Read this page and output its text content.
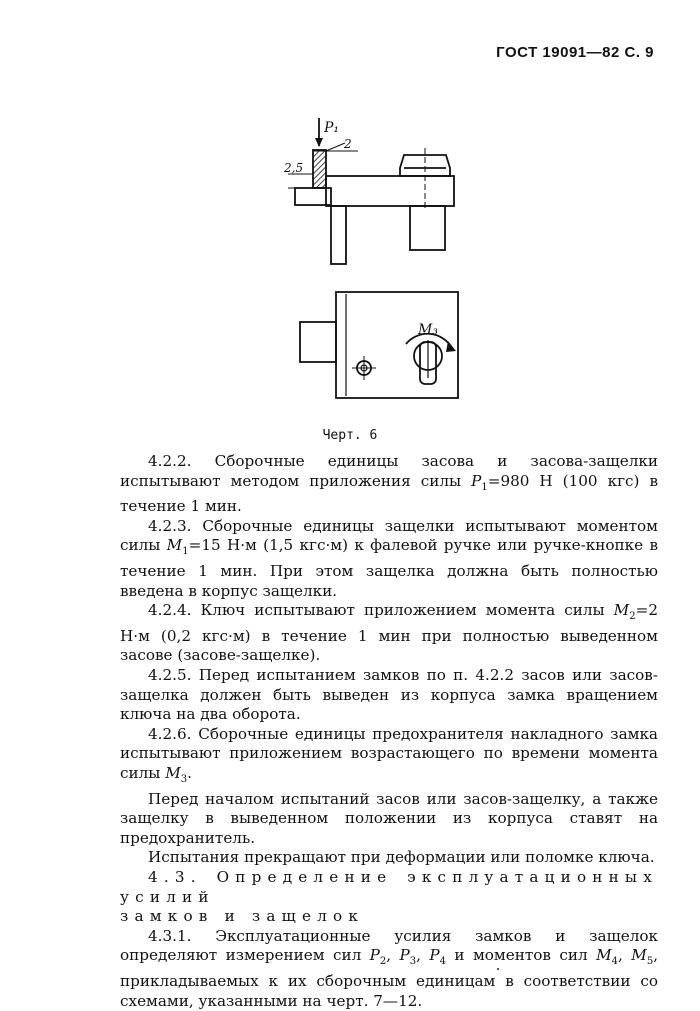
ГОСТ 19091—82 С. 9
P₁
2
2,5
M₃
Черт. 6

4.2.2. Сборочные единицы засова и засова-защелки испытывают методом приложения силы $P_1=980$ Н (100 кгс) в течение 1 мин.

4.2.3. Сборочные единицы защелки испытывают моментом силы $M_1=15$ Н·м (1,5 кгс·м) к фалевой ручке или ручке-кнопке в течение 1 мин. При этом защелка должна быть полностью введена в корпус защелки.

4.2.4. Ключ испытывают приложением момента силы $M_2=2$ Н·м (0,2 кгс·м) в течение 1 мин при полностью выведенном засове (засове-защелке).

4.2.5. Перед испытанием замков по п. 4.2.2 засов или засов-защелка должен быть выведен из корпуса замка вращением ключа на два оборота.

4.2.6. Сборочные единицы предохранителя накладного замка испытывают приложением возрастающего по времени момента силы $M_3$.

Перед началом испытаний засов или засов-защелку, а также защелку в выведенном положении из корпуса ставят на предохранитель.

Испытания прекращают при деформации или поломке ключа.

4.3. Определение эксплуатационных усилий

замков и защелок

4.3.1. Эксплуатационные усилия замков и защелок определяют измерением сил $P_2$, $P_3$, $P_4$ и моментов сил $M_4$, $M_5$, прикладываемых к их сборочным единицам в соответствии со схемами, указанными на черт. 7—12.
